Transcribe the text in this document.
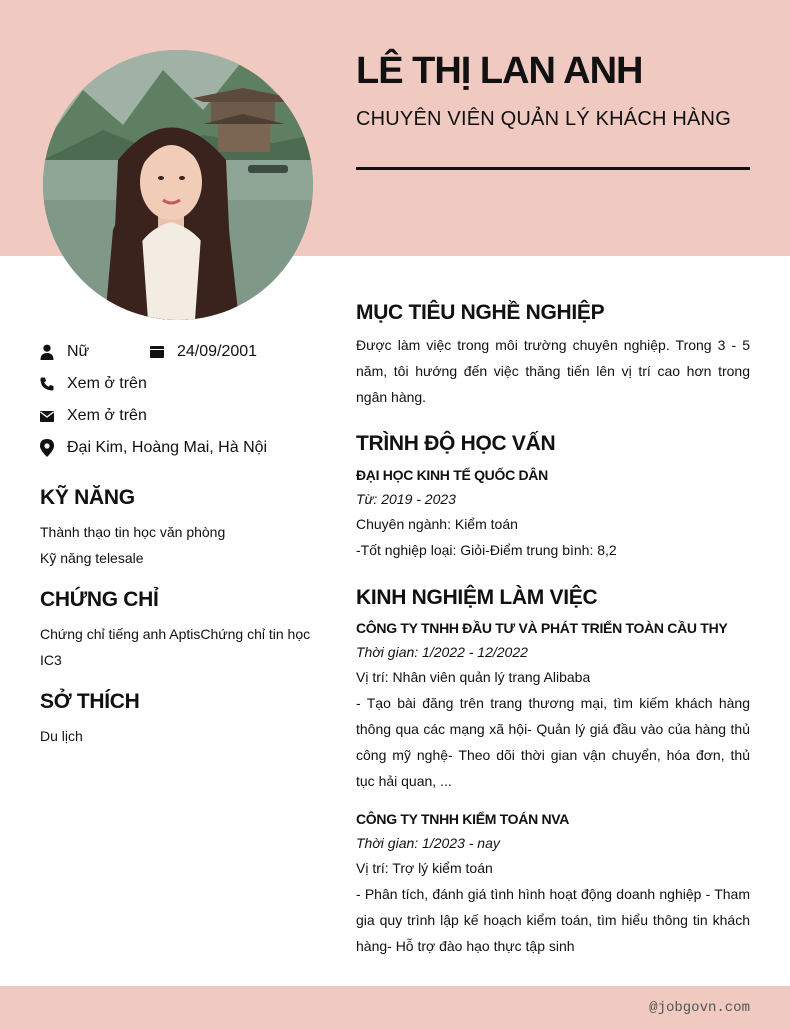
LÊ THỊ LAN ANH
CHUYÊN VIÊN QUẢN LÝ KHÁCH HÀNG
Nữ	24/09/2001
Xem ở trên
Xem ở trên
Đại Kim, Hoàng Mai, Hà Nội
KỸ NĂNG
Thành thạo tin học văn phòng
Kỹ năng telesale
CHỨNG CHỈ

Chứng chỉ tiếng anh AptisChứng chỉ tin học IC3

SỞ THÍCH

Du lịch

MỤC TIÊU NGHỀ NGHIỆP

Được làm việc trong môi trường chuyên nghiệp. Trong 3 - 5 năm, tôi hướng đến việc thăng tiến lên vị trí cao hơn trong ngân hàng.

TRÌNH ĐỘ HỌC VẤN

ĐẠI HỌC KINH TẾ QUỐC DÂN

Từ: 2019 - 2023

Chuyên ngành: Kiểm toán

-Tốt nghiệp loại: Giỏi-Điểm trung bình: 8,2

KINH NGHIỆM LÀM VIỆC

CÔNG TY TNHH ĐẦU TƯ VÀ PHÁT TRIỂN TOÀN CẦU THY

Thời gian: 1/2022 - 12/2022

Vị trí: Nhân viên quản lý trang Alibaba

- Tạo bài đăng trên trang thương mại, tìm kiếm khách hàng thông qua các mạng xã hội- Quản lý giá đầu vào của hàng thủ công mỹ nghệ- Theo dõi thời gian vận chuyển, hóa đơn, thủ tục hải quan, ...

CÔNG TY TNHH KIỂM TOÁN NVA

Thời gian: 1/2023 - nay

Vị trí: Trợ lý kiểm toán

- Phân tích, đánh giá tình hình hoạt động doanh nghiệp - Tham gia quy trình lập kế hoạch kiểm toán, tìm hiểu thông tin khách hàng- Hỗ trợ đào hạo thực tập sinh

@jobgovn.com
